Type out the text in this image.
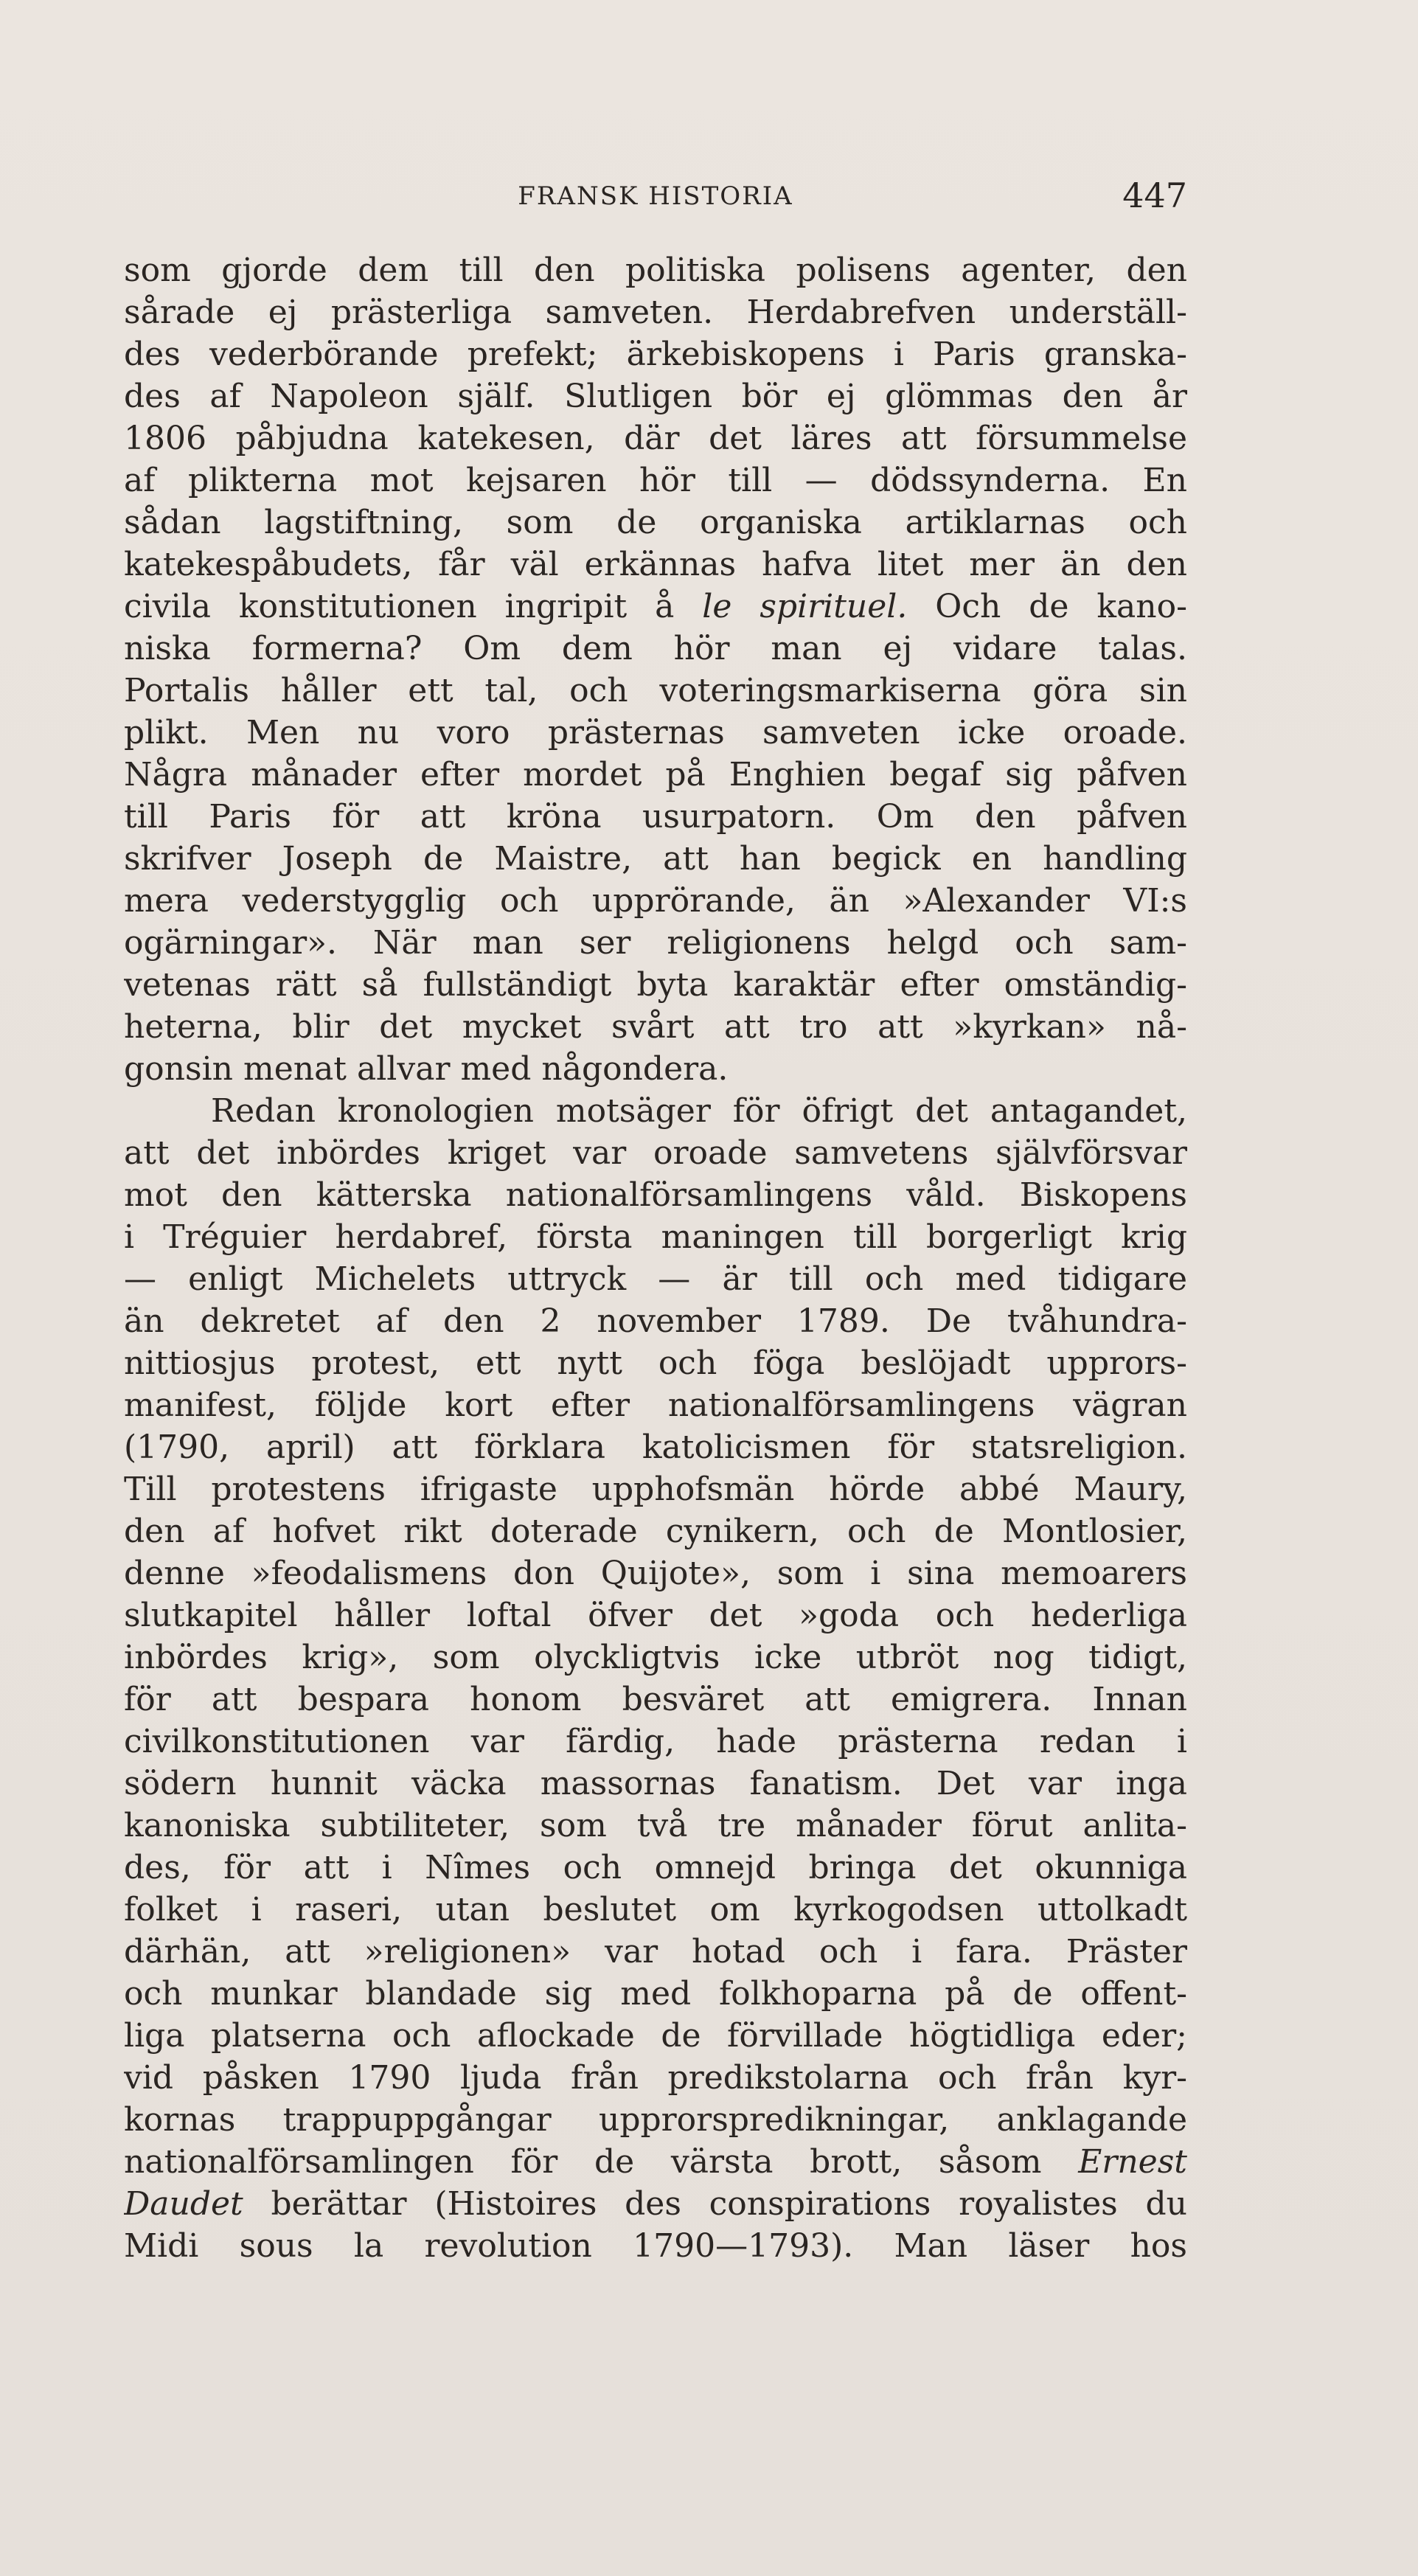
FRANSK HISTORIA	447
som gjorde dem till den politiska polisens agenter, den
sårade ej prästerliga samveten. Herdabrefven underställ-
des vederbörande prefekt; ärkebiskopens i Paris granska-
des af Napoleon själf. Slutligen bör ej glömmas den år
1806 påbjudna katekesen, där det läres att försummelse
af plikterna mot kejsaren hör till — dödssynderna. En
sådan lagstiftning, som de organiska artiklarnas och
katekespåbudets, får väl erkännas hafva litet mer än den
civila konstitutionen ingripit å le spirituel. Och de kano-
niska formerna? Om dem hör man ej vidare talas.
Portalis håller ett tal, och voteringsmarkiserna göra sin
plikt. Men nu voro prästernas samveten icke oroade.
Några månader efter mordet på Enghien begaf sig påfven
till Paris för att kröna usurpatorn. Om den påfven
skrifver Joseph de Maistre, att han begick en handling
mera vederstygglig och upprörande, än »Alexander VI:s
ogärningar». När man ser religionens helgd och sam-
vetenas rätt så fullständigt byta karaktär efter omständig-
heterna, blir det mycket svårt att tro att »kyrkan» nå-
gonsin menat allvar med någondera.
Redan kronologien motsäger för öfrigt det antagandet,
att det inbördes kriget var oroade samvetens självförsvar
mot den kätterska nationalförsamlingens våld. Biskopens
i Tréguier herdabref, första maningen till borgerligt krig
— enligt Michelets uttryck — är till och med tidigare
än dekretet af den 2 november 1789. De tvåhundra-
nittiosjus protest, ett nytt och föga beslöjadt upprors-
manifest, följde kort efter nationalförsamlingens vägran
(1790, april) att förklara katolicismen för statsreligion.
Till protestens ifrigaste upphofsmän hörde abbé Maury,
den af hofvet rikt doterade cynikern, och de Montlosier,
denne »feodalismens don Quijote», som i sina memoarers
slutkapitel håller loftal öfver det »goda och hederliga
inbördes krig», som olyckligtvis icke utbröt nog tidigt,
för att bespara honom besväret att emigrera. Innan
civilkonstitutionen var färdig, hade prästerna redan i
södern hunnit väcka massornas fanatism. Det var inga
kanoniska subtiliteter, som två tre månader förut anlita-
des, för att i Nîmes och omnejd bringa det okunniga
folket i raseri, utan beslutet om kyrkogodsen uttolkadt
därhän, att »religionen» var hotad och i fara. Präster
och munkar blandade sig med folkhoparna på de offent-
liga platserna och aflockade de förvillade högtidliga eder;
vid påsken 1790 ljuda från predikstolarna och från kyr-
kornas trappuppgångar upprorspredikningar, anklagande
nationalförsamlingen för de värsta brott, såsom Ernest
Daudet berättar (Histoires des conspirations royalistes du
Midi sous la revolution 1790—1793). Man läser hos
